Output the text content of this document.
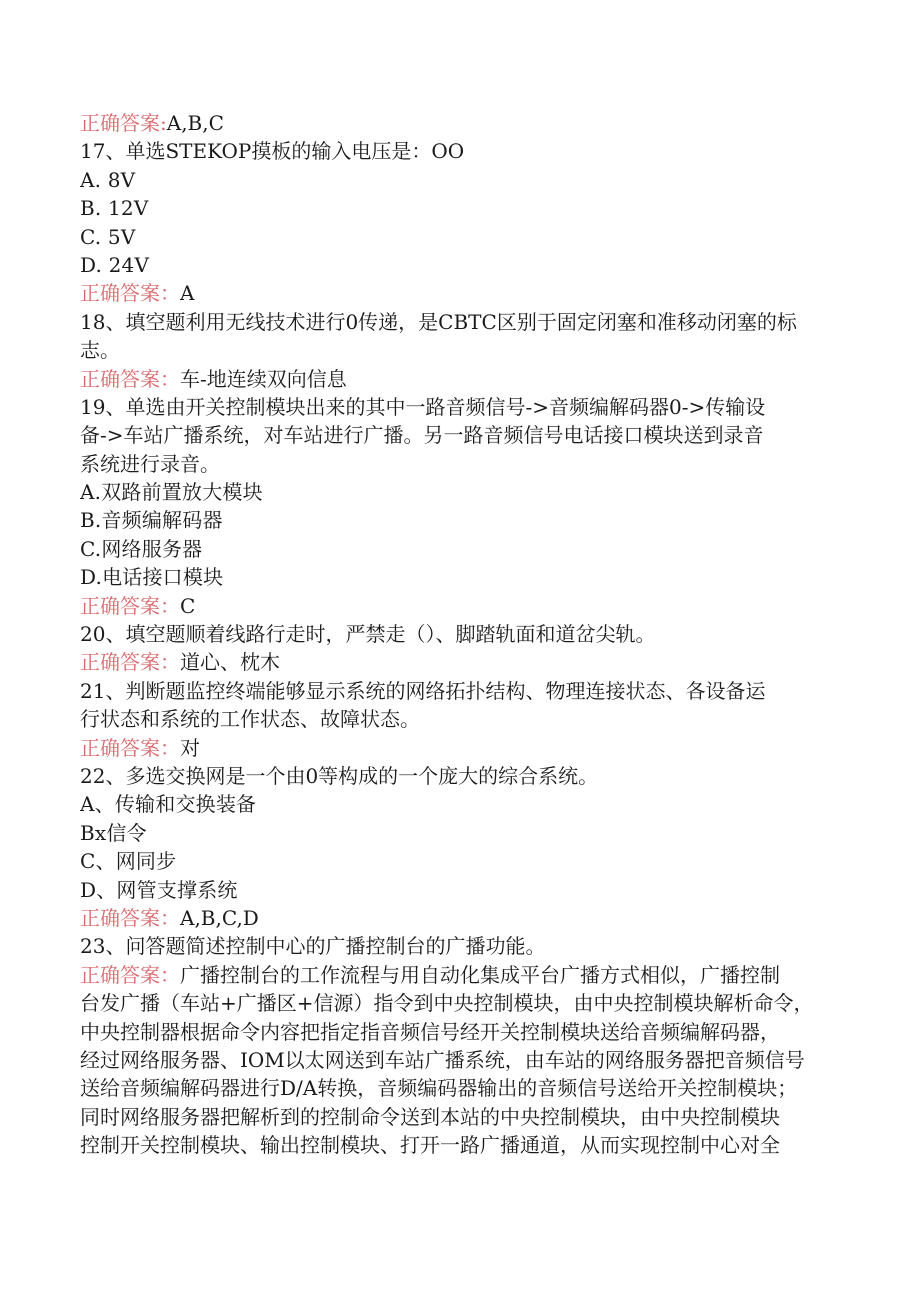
正确答案:A,B,C
17、单选STEKOP摸板的输入电压是：OO
A. 8V
B. 12V
C. 5V
D. 24V
正确答案：A
18、填空题利用无线技术进行0传递，是CBTC区别于固定闭塞和准移动闭塞的标
志。
正确答案：车-地连续双向信息
19、单选由开关控制模块出来的其中一路音频信号->音频编解码器0->传输设
备->车站广播系统，对车站进行广播。另一路音频信号电话接口模块送到录音
系统进行录音。
A.双路前置放大模块
B.音频编解码器
C.网络服务器
D.电话接口模块
正确答案：C
20、填空题顺着线路行走时，严禁走（）、脚踏轨面和道岔尖轨。
正确答案：道心、枕木
21、判断题监控终端能够显示系统的网络拓扑结构、物理连接状态、各设备运
行状态和系统的工作状态、故障状态。
正确答案：对
22、多选交换网是一个由0等构成的一个庞大的综合系统。
A、传输和交换装备
Bx信令
C、网同步
D、网管支撑系统
正确答案：A,B,C,D
23、问答题简述控制中心的广播控制台的广播功能。
正确答案：广播控制台的工作流程与用自动化集成平台广播方式相似，广播控制
台发广播（车站+广播区+信源）指令到中央控制模块，由中央控制模块解析命令，
中央控制器根据命令内容把指定指音频信号经开关控制模块送给音频编解码器，
经过网络服务器、IOM以太网送到车站广播系统，由车站的网络服务器把音频信号
送给音频编解码器进行D/A转换，音频编码器输出的音频信号送给开关控制模块；
同时网络服务器把解析到的控制命令送到本站的中央控制模块，由中央控制模块
控制开关控制模块、输出控制模块、打开一路广播通道，从而实现控制中心对全
